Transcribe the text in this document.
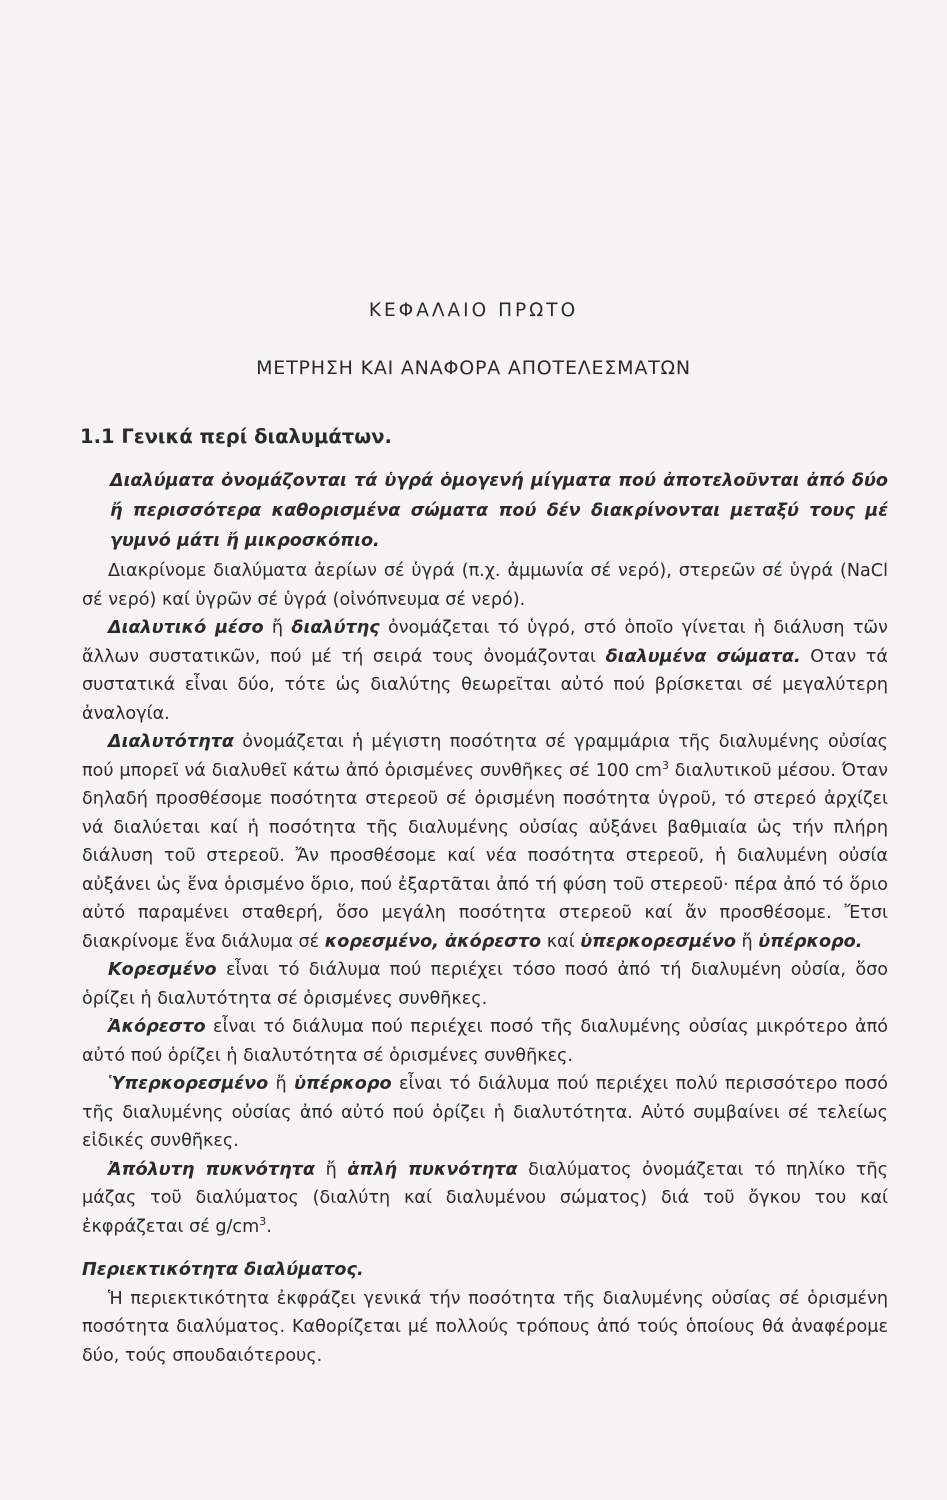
ΚΕΦΑΛΑΙΟ ΠΡΩΤΟ
ΜΕΤΡΗΣΗ ΚΑΙ ΑΝΑΦΟΡΑ ΑΠΟΤΕΛΕΣΜΑΤΩΝ
1.1 Γενικά περί διαλυμάτων.

Διαλύματα ὀνομάζονται τά ὑγρά ὁμογενή μίγματα πού ἀποτελοῦνται ἀπό δύο ἤ περισσότερα καθορισμένα σώματα πού δέν διακρίνονται μεταξύ τους μέ γυμνό μάτι ἤ μικροσκόπιο.

Διακρίνομε διαλύματα ἀερίων σέ ὑγρά (π.χ. ἀμμωνία σέ νερό), στερεῶν σέ ὑγρά (NaCl σέ νερό) καί ὑγρῶν σέ ὑγρά (οἰνόπνευμα σέ νερό).

Διαλυτικό μέσο ἤ διαλύτης ὀνομάζεται τό ὑγρό, στό ὁποῖο γίνεται ἡ διάλυση τῶν ἄλλων συστατικῶν, πού μέ τή σειρά τους ὀνομάζονται διαλυμένα σώματα. Οταν τά συστατικά εἶναι δύο, τότε ὡς διαλύτης θεωρεῖται αὐτό πού βρίσκεται σέ μεγαλύτερη ἀναλογία.

Διαλυτότητα ὀνομάζεται ἡ μέγιστη ποσότητα σέ γραμμάρια τῆς διαλυμένης οὐσίας πού μπορεῖ νά διαλυθεῖ κάτω ἀπό ὁρισμένες συνθῆκες σέ 100 $cm^3$ διαλυτικοῦ μέσου. Όταν δηλαδή προσθέσομε ποσότητα στερεοῦ σέ ὁρισμένη ποσότητα ὑγροῦ, τό στερεό ἀρχίζει νά διαλύεται καί ἡ ποσότητα τῆς διαλυμένης οὐσίας αὐξάνει βαθμιαία ὡς τήν πλήρη διάλυση τοῦ στερεοῦ. Ἄν προσθέσομε καί νέα ποσότητα στερεοῦ, ἡ διαλυμένη οὐσία αὐξάνει ὡς ἕνα ὁρισμένο ὅριο, πού ἐξαρτᾶται ἀπό τή φύση τοῦ στερεοῦ· πέρα ἀπό τό ὅριο αὐτό παραμένει σταθερή, ὅσο μεγάλη ποσότητα στερεοῦ καί ἄν προσθέσομε. Ἔτσι διακρίνομε ἕνα διάλυμα σέ κορεσμένο, ἀκόρεστο καί ὑπερκορεσμένο ἤ ὑπέρκορο.

Κορεσμένο εἶναι τό διάλυμα πού περιέχει τόσο ποσό ἀπό τή διαλυμένη οὐσία, ὅσο ὁρίζει ἡ διαλυτότητα σέ ὁρισμένες συνθῆκες.

Ἀκόρεστο εἶναι τό διάλυμα πού περιέχει ποσό τῆς διαλυμένης οὐσίας μικρότερο ἀπό αὐτό πού ὁρίζει ἡ διαλυτότητα σέ ὁρισμένες συνθῆκες.

Ὑπερκορεσμένο ἤ ὑπέρκορο εἶναι τό διάλυμα πού περιέχει πολύ περισσότερο ποσό τῆς διαλυμένης οὐσίας ἀπό αὐτό πού ὁρίζει ἡ διαλυτότητα. Αὐτό συμβαίνει σέ τελείως εἰδικές συνθῆκες.

Ἀπόλυτη πυκνότητα ἤ ἁπλή πυκνότητα διαλύματος ὀνομάζεται τό πηλίκο τῆς μάζας τοῦ διαλύματος (διαλύτη καί διαλυμένου σώματος) διά τοῦ ὄγκου του καί ἐκφράζεται σέ $g/cm^3$.

Περιεκτικότητα διαλύματος.

Ἡ περιεκτικότητα ἐκφράζει γενικά τήν ποσότητα τῆς διαλυμένης οὐσίας σέ ὁρισμένη ποσότητα διαλύματος. Καθορίζεται μέ πολλούς τρόπους ἀπό τούς ὁποίους θά ἀναφέρομε δύο, τούς σπουδαιότερους.
